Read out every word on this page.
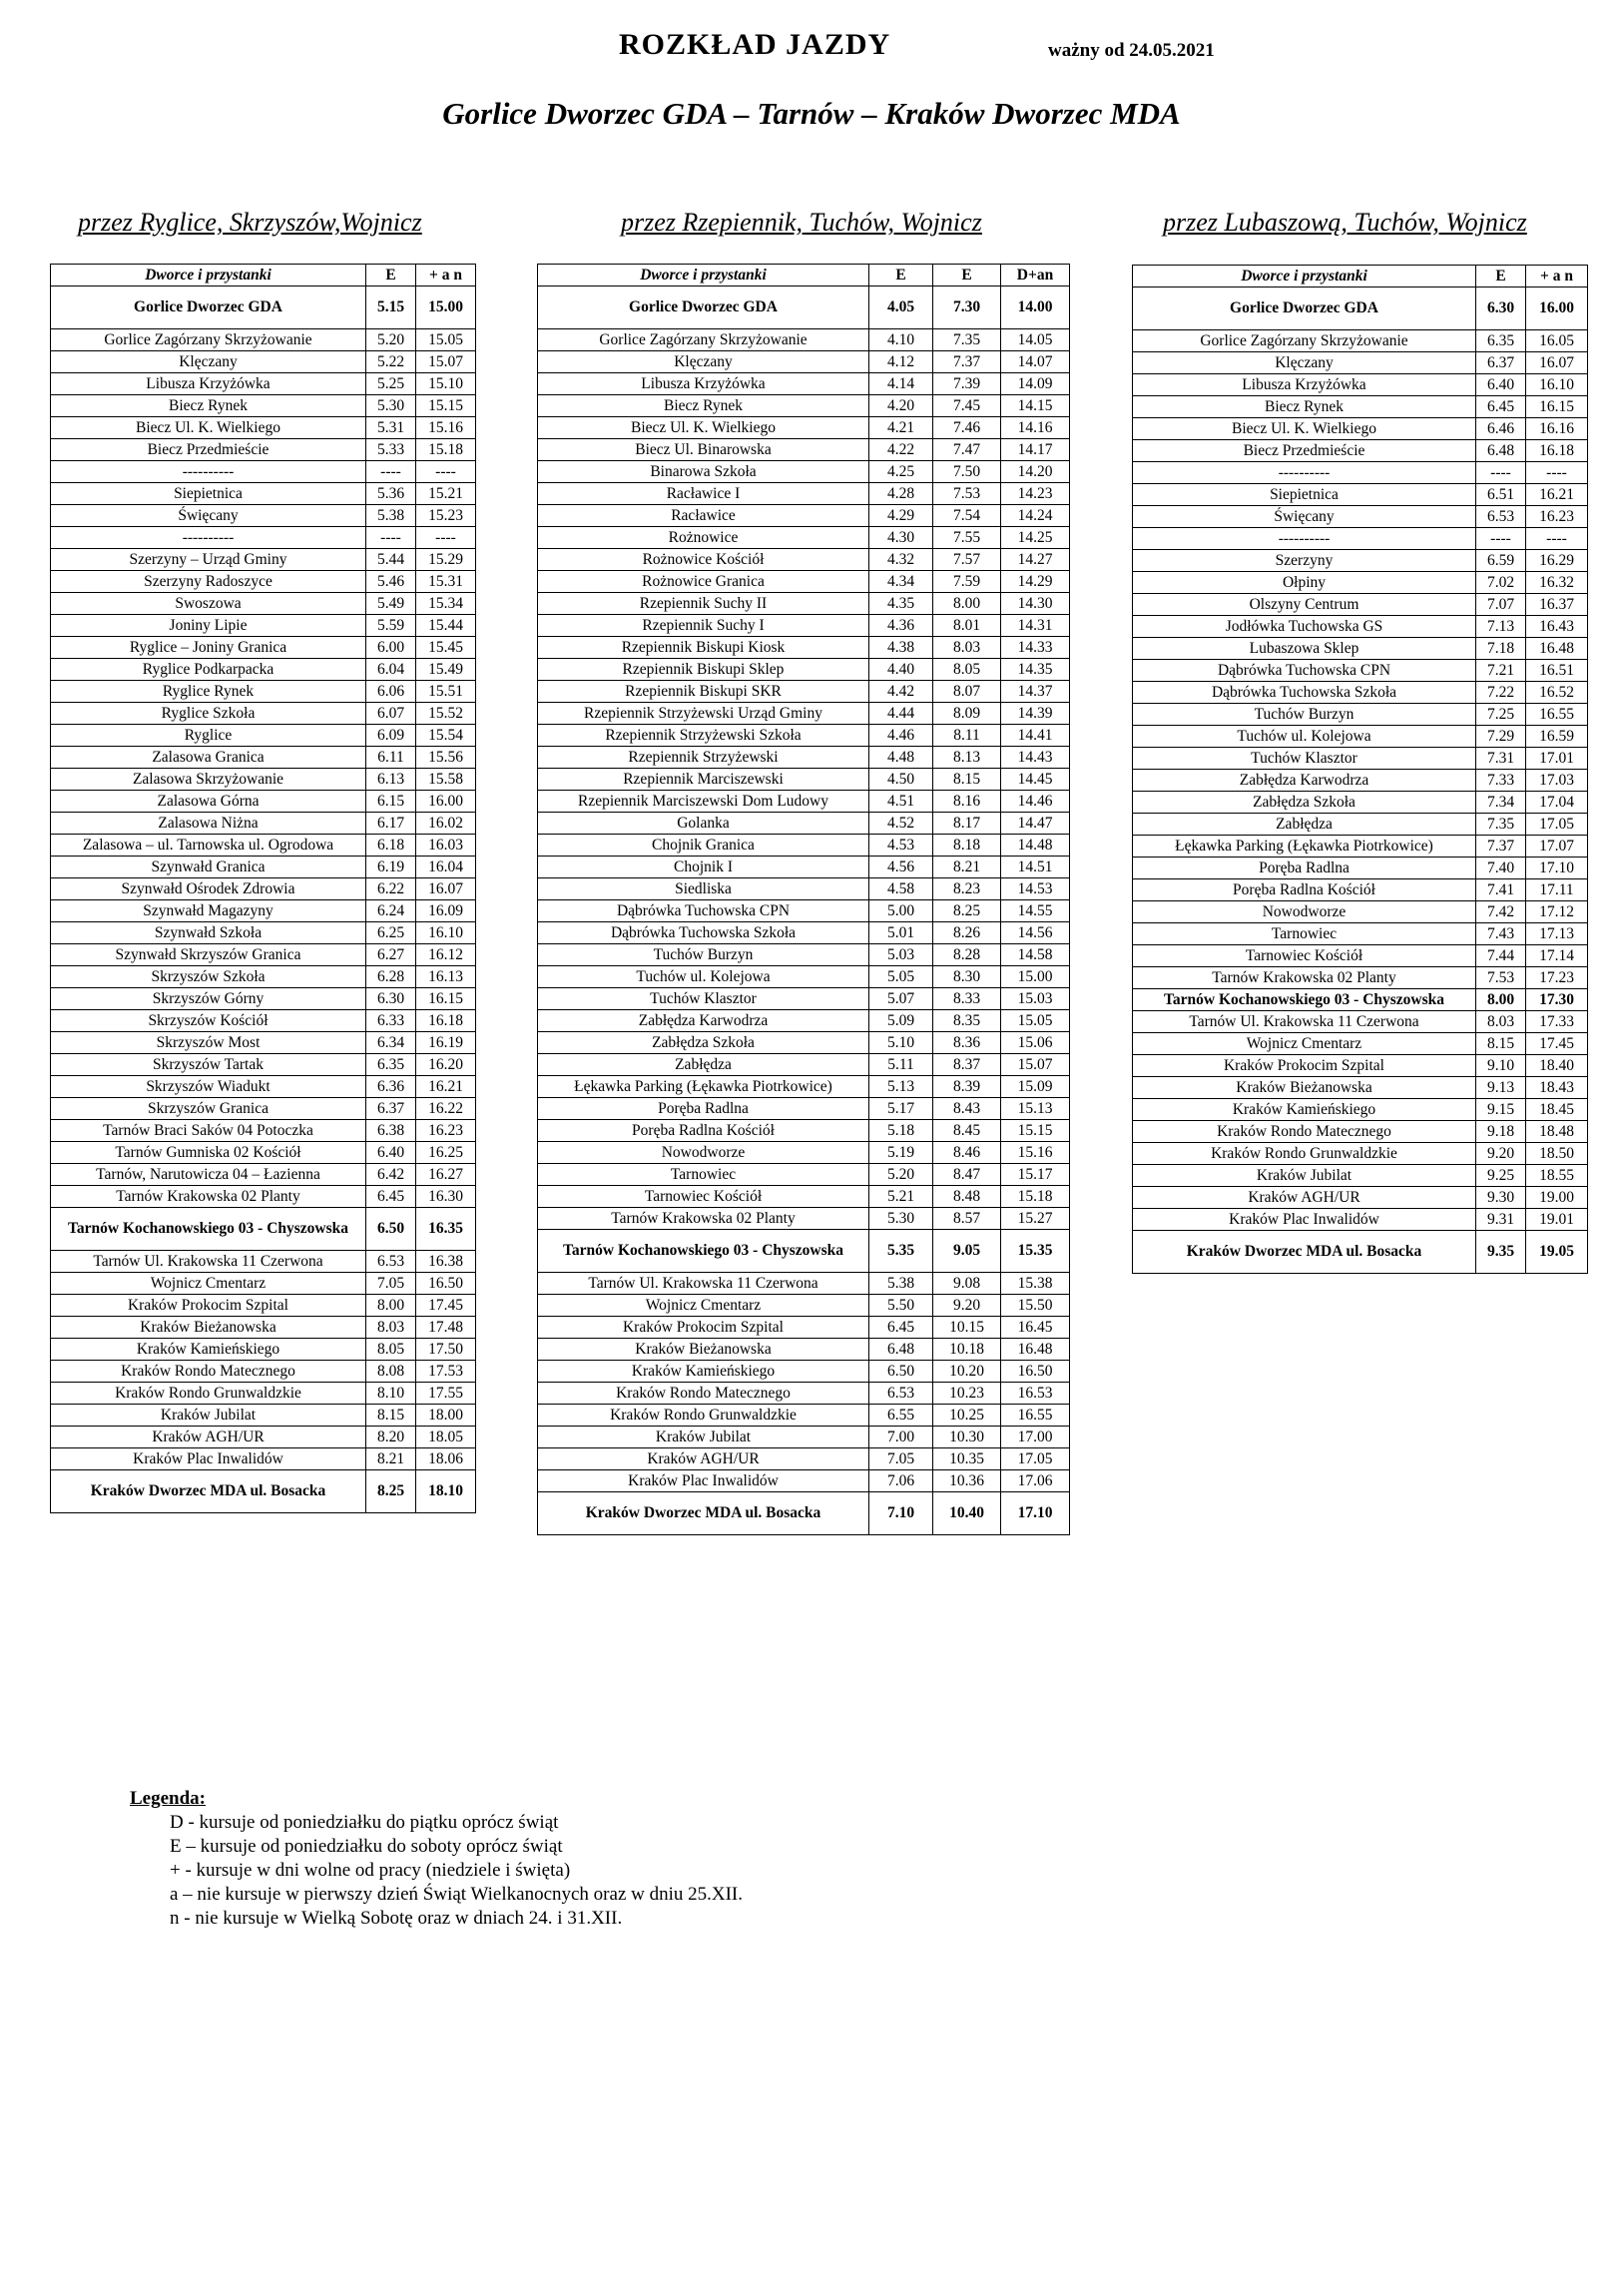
ROZKŁAD JAZDY	ważny od 24.05.2021
Gorlice Dworzec GDA – Tarnów – Kraków Dworzec MDA
przez Ryglice, Skrzyszów,Wojnicz	przez Rzepiennik, Tuchów, Wojnicz	przez Lubaszową, Tuchów, Wojnicz
Dworce i przystanki	E	+ a n
Gorlice Dworzec GDA	5.15	15.00
Gorlice Zagórzany Skrzyżowanie	5.20	15.05
Klęczany	5.22	15.07
Libusza Krzyżówka	5.25	15.10
Biecz Rynek	5.30	15.15
Biecz Ul. K. Wielkiego	5.31	15.16
Biecz Przedmieście	5.33	15.18
----------	----	----
Siepietnica	5.36	15.21
Święcany	5.38	15.23
----------	----	----
Szerzyny – Urząd Gminy	5.44	15.29
Szerzyny Radoszyce	5.46	15.31
Swoszowa	5.49	15.34
Joniny Lipie	5.59	15.44
Ryglice – Joniny Granica	6.00	15.45
Ryglice Podkarpacka	6.04	15.49
Ryglice Rynek	6.06	15.51
Ryglice Szkoła	6.07	15.52
Ryglice	6.09	15.54
Zalasowa Granica	6.11	15.56
Zalasowa Skrzyżowanie	6.13	15.58
Zalasowa Górna	6.15	16.00
Zalasowa Niżna	6.17	16.02
Zalasowa – ul. Tarnowska ul. Ogrodowa	6.18	16.03
Szynwałd Granica	6.19	16.04
Szynwałd Ośrodek Zdrowia	6.22	16.07
Szynwałd Magazyny	6.24	16.09
Szynwałd Szkoła	6.25	16.10
Szynwałd Skrzyszów Granica	6.27	16.12
Skrzyszów Szkoła	6.28	16.13
Skrzyszów Górny	6.30	16.15
Skrzyszów Kościół	6.33	16.18
Skrzyszów Most	6.34	16.19
Skrzyszów Tartak	6.35	16.20
Skrzyszów Wiadukt	6.36	16.21
Skrzyszów Granica	6.37	16.22
Tarnów Braci Saków 04 Potoczka	6.38	16.23
Tarnów Gumniska 02 Kościół	6.40	16.25
Tarnów, Narutowicza 04 – Łazienna	6.42	16.27
Tarnów Krakowska 02 Planty	6.45	16.30
Tarnów Kochanowskiego 03 - Chyszowska	6.50	16.35
Tarnów Ul. Krakowska 11 Czerwona	6.53	16.38
Wojnicz Cmentarz	7.05	16.50
Kraków Prokocim Szpital	8.00	17.45
Kraków Bieżanowska	8.03	17.48
Kraków Kamieńskiego	8.05	17.50
Kraków Rondo Matecznego	8.08	17.53
Kraków Rondo Grunwaldzkie	8.10	17.55
Kraków Jubilat	8.15	18.00
Kraków AGH/UR	8.20	18.05
Kraków Plac Inwalidów	8.21	18.06
Kraków Dworzec MDA ul. Bosacka	8.25	18.10
Dworce i przystanki	E	E	D+an
Gorlice Dworzec GDA	4.05	7.30	14.00
Gorlice Zagórzany Skrzyżowanie	4.10	7.35	14.05
Klęczany	4.12	7.37	14.07
Libusza Krzyżówka	4.14	7.39	14.09
Biecz Rynek	4.20	7.45	14.15
Biecz Ul. K. Wielkiego	4.21	7.46	14.16
Biecz Ul. Binarowska	4.22	7.47	14.17
Binarowa Szkoła	4.25	7.50	14.20
Racławice I	4.28	7.53	14.23
Racławice	4.29	7.54	14.24
Rożnowice	4.30	7.55	14.25
Rożnowice Kościół	4.32	7.57	14.27
Rożnowice Granica	4.34	7.59	14.29
Rzepiennik Suchy II	4.35	8.00	14.30
Rzepiennik Suchy I	4.36	8.01	14.31
Rzepiennik Biskupi Kiosk	4.38	8.03	14.33
Rzepiennik Biskupi Sklep	4.40	8.05	14.35
Rzepiennik Biskupi SKR	4.42	8.07	14.37
Rzepiennik Strzyżewski Urząd Gminy	4.44	8.09	14.39
Rzepiennik Strzyżewski Szkoła	4.46	8.11	14.41
Rzepiennik Strzyżewski	4.48	8.13	14.43
Rzepiennik Marciszewski	4.50	8.15	14.45
Rzepiennik Marciszewski Dom Ludowy	4.51	8.16	14.46
Golanka	4.52	8.17	14.47
Chojnik Granica	4.53	8.18	14.48
Chojnik I	4.56	8.21	14.51
Siedliska	4.58	8.23	14.53
Dąbrówka Tuchowska CPN	5.00	8.25	14.55
Dąbrówka Tuchowska Szkoła	5.01	8.26	14.56
Tuchów Burzyn	5.03	8.28	14.58
Tuchów ul. Kolejowa	5.05	8.30	15.00
Tuchów Klasztor	5.07	8.33	15.03
Zabłędza Karwodrza	5.09	8.35	15.05
Zabłędza Szkoła	5.10	8.36	15.06
Zabłędza	5.11	8.37	15.07
Łękawka Parking (Łękawka Piotrkowice)	5.13	8.39	15.09
Poręba Radlna	5.17	8.43	15.13
Poręba Radlna Kościół	5.18	8.45	15.15
Nowodworze	5.19	8.46	15.16
Tarnowiec	5.20	8.47	15.17
Tarnowiec Kościół	5.21	8.48	15.18
Tarnów Krakowska 02 Planty	5.30	8.57	15.27
Tarnów Kochanowskiego 03 - Chyszowska	5.35	9.05	15.35
Tarnów Ul. Krakowska 11 Czerwona	5.38	9.08	15.38
Wojnicz Cmentarz	5.50	9.20	15.50
Kraków Prokocim Szpital	6.45	10.15	16.45
Kraków Bieżanowska	6.48	10.18	16.48
Kraków Kamieńskiego	6.50	10.20	16.50
Kraków Rondo Matecznego	6.53	10.23	16.53
Kraków Rondo Grunwaldzkie	6.55	10.25	16.55
Kraków Jubilat	7.00	10.30	17.00
Kraków AGH/UR	7.05	10.35	17.05
Kraków Plac Inwalidów	7.06	10.36	17.06
Kraków Dworzec MDA ul. Bosacka	7.10	10.40	17.10
Dworce i przystanki	E	+ a n
Gorlice Dworzec GDA	6.30	16.00
Gorlice Zagórzany Skrzyżowanie	6.35	16.05
Klęczany	6.37	16.07
Libusza Krzyżówka	6.40	16.10
Biecz Rynek	6.45	16.15
Biecz Ul. K. Wielkiego	6.46	16.16
Biecz Przedmieście	6.48	16.18
----------	----	----
Siepietnica	6.51	16.21
Święcany	6.53	16.23
----------	----	----
Szerzyny	6.59	16.29
Ołpiny	7.02	16.32
Olszyny Centrum	7.07	16.37
Jodłówka Tuchowska GS	7.13	16.43
Lubaszowa Sklep	7.18	16.48
Dąbrówka Tuchowska CPN	7.21	16.51
Dąbrówka Tuchowska Szkoła	7.22	16.52
Tuchów Burzyn	7.25	16.55
Tuchów ul. Kolejowa	7.29	16.59
Tuchów Klasztor	7.31	17.01
Zabłędza Karwodrza	7.33	17.03
Zabłędza Szkoła	7.34	17.04
Zabłędza	7.35	17.05
Łękawka Parking (Łękawka Piotrkowice)	7.37	17.07
Poręba Radlna	7.40	17.10
Poręba Radlna Kościół	7.41	17.11
Nowodworze	7.42	17.12
Tarnowiec	7.43	17.13
Tarnowiec Kościół	7.44	17.14
Tarnów Krakowska 02 Planty	7.53	17.23
Tarnów Kochanowskiego 03 - Chyszowska	8.00	17.30
Tarnów Ul. Krakowska 11 Czerwona	8.03	17.33
Wojnicz Cmentarz	8.15	17.45
Kraków Prokocim Szpital	9.10	18.40
Kraków Bieżanowska	9.13	18.43
Kraków Kamieńskiego	9.15	18.45
Kraków Rondo Matecznego	9.18	18.48
Kraków Rondo Grunwaldzkie	9.20	18.50
Kraków Jubilat	9.25	18.55
Kraków AGH/UR	9.30	19.00
Kraków Plac Inwalidów	9.31	19.01
Kraków Dworzec MDA ul. Bosacka	9.35	19.05
Legenda:
D - kursuje od poniedziałku do piątku oprócz świąt
E – kursuje od poniedziałku do soboty oprócz świąt
+ - kursuje w dni wolne od pracy (niedziele i święta)
a – nie kursuje w pierwszy dzień Świąt Wielkanocnych oraz w dniu 25.XII.
n - nie kursuje w Wielką Sobotę oraz w dniach 24. i 31.XII.
